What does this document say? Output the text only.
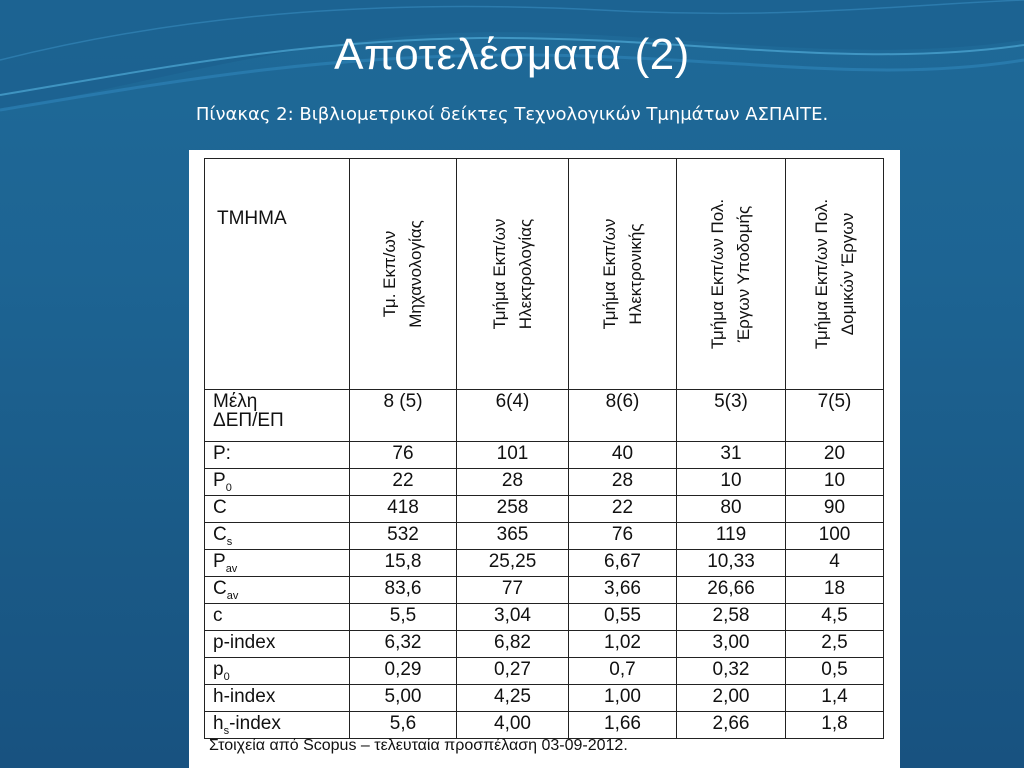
Αποτελέσματα (2)
Πίνακας 2: Βιβλιομετρικοί δείκτες Τεχνολογικών Τμημάτων ΑΣΠΑΙΤΕ.
ΤΜΗΜΑ	Τμ. Εκπ/ων Μηχανολογίας	Τμήμα Εκπ/ων Ηλεκτρολογίας	Τμήμα Εκπ/ων Ηλεκτρονικής	Τμήμα Εκπ/ων Πολ. Έργων Υποδομής	Τμήμα Εκπ/ων Πολ. Δομικών Έργων

Μέλη
ΔΕΠ/ΕΠ	8 (5)	6(4)	8(6)	5(3)	7(5)
P:	76	101	40	31	20
$P_0$	22	28	28	10	10
C	418	258	22	80	90
$C_s$	532	365	76	119	100
$P_{av}$	15,8	25,25	6,67	10,33	4
$C_{av}$	83,6	77	3,66	26,66	18
c	5,5	3,04	0,55	2,58	4,5
p-index	6,32	6,82	1,02	3,00	2,5
$p_0$	0,29	0,27	0,7	0,32	0,5
h-index	5,00	4,25	1,00	2,00	1,4
$h_s$-index	5,6	4,00	1,66	2,66	1,8
Στοιχεία από Scopus – τελευταία προσπέλαση 03-09-2012.
